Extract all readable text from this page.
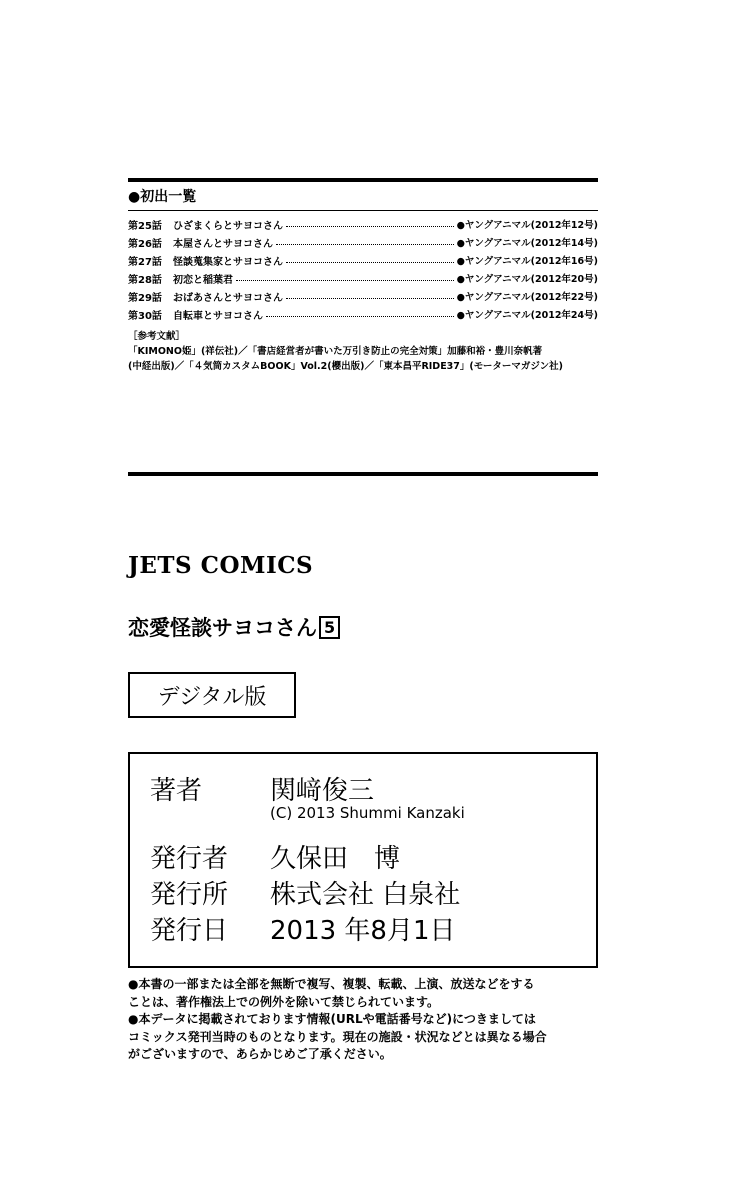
●初出一覧
第25話	ひざまくらとサヨコさん	●ヤングアニマル(2012年12号)
第26話	本屋さんとサヨコさん	●ヤングアニマル(2012年14号)
第27話	怪談蒐集家とサヨコさん	●ヤングアニマル(2012年16号)
第28話	初恋と稲葉君	●ヤングアニマル(2012年20号)
第29話	おばあさんとサヨコさん	●ヤングアニマル(2012年22号)
第30話	自転車とサヨコさん	●ヤングアニマル(2012年24号)
［参考文献］
「KIMONO姫」(祥伝社)／「書店経営者が書いた万引き防止の完全対策」加藤和裕・豊川奈帆著
(中経出版)／「４気筒カスタムBOOK」Vol.2(櫻出版)／「東本昌平RIDE37」(モーターマガジン社)
JETS COMICS
恋愛怪談サヨコさん 5
デジタル版
著者	関﨑俊三
(C) 2013 Shummi Kanzaki
発行者 久保田　博
発行所 株式会社 白泉社
発行日 2013 年8月1日

●本書の一部または全部を無断で複写、複製、転載、上演、放送などをする

ことは、著作権法上での例外を除いて禁じられています。

●本データに掲載されております情報(URLや電話番号など)につきましては

コミックス発刊当時のものとなります。現在の施設・状況などとは異なる場合

がございますので、あらかじめご了承ください。
